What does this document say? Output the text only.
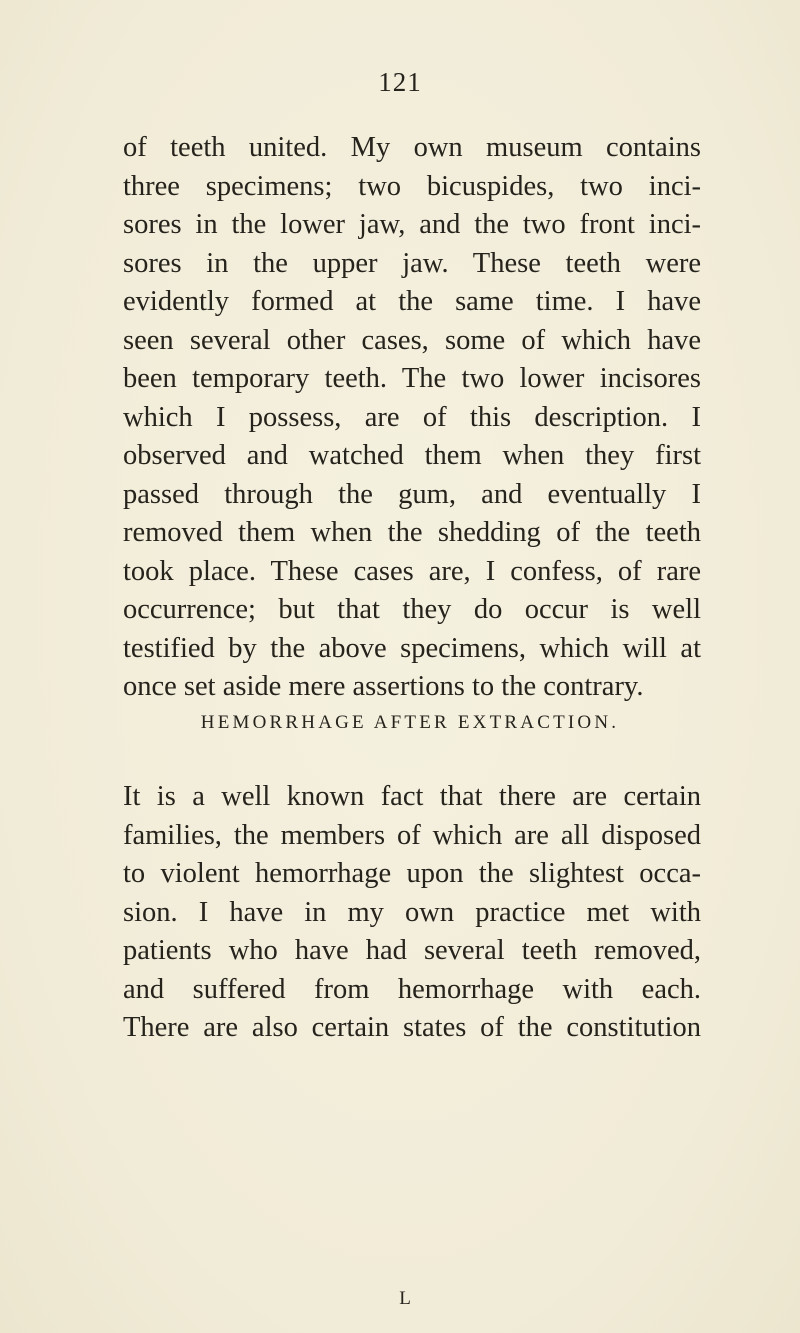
121
of teeth united. My own museum contains
three specimens; two bicuspides, two inci-
sores in the lower jaw, and the two front inci-
sores in the upper jaw. These teeth were
evidently formed at the same time. I have
seen several other cases, some of which have
been temporary teeth. The two lower incisores
which I possess, are of this description. I
observed and watched them when they first
passed through the gum, and eventually I
removed them when the shedding of the teeth
took place. These cases are, I confess, of rare
occurrence; but that they do occur is well
testified by the above specimens, which will at
once set aside mere assertions to the contrary.
HEMORRHAGE AFTER EXTRACTION.
It is a well known fact that there are certain
families, the members of which are all disposed
to violent hemorrhage upon the slightest occa-
sion. I have in my own practice met with
patients who have had several teeth removed,
and suffered from hemorrhage with each.
There are also certain states of the constitution
L
